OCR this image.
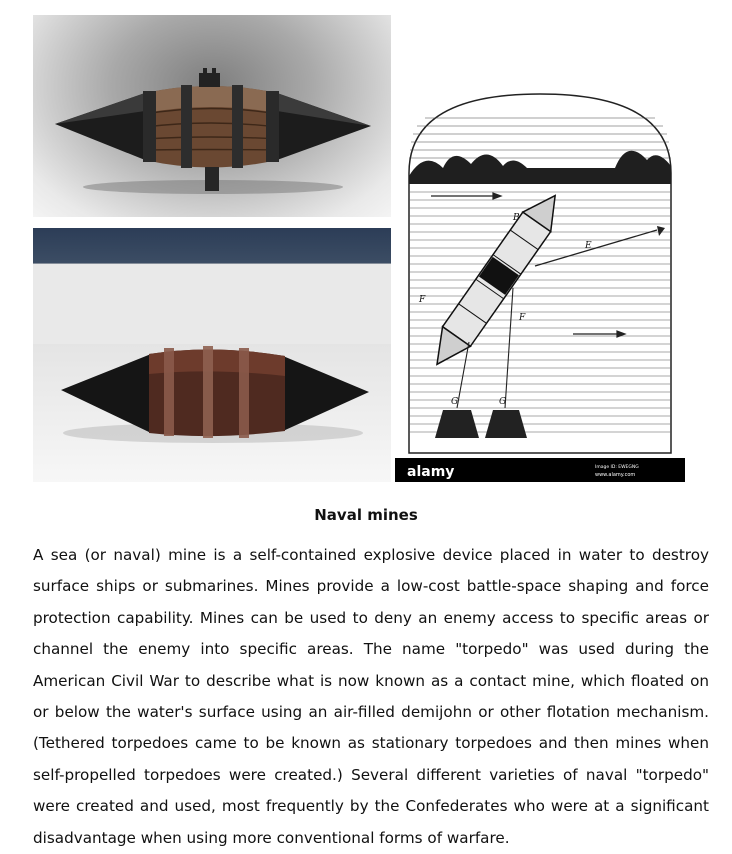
B
E
F
F
G	G
alamy	Image ID: EWEGNG
www.alamy.com
Naval mines

A sea (or naval) mine is a self-contained explosive device placed in water to destroy surface ships or submarines. Mines provide a low-cost battle-space shaping and force protection capability. Mines can be used to deny an enemy access to specific areas or channel the enemy into specific areas. The name "torpedo" was used during the American Civil War to describe what is now known as a contact mine, which floated on or below the water's surface using an air-filled demijohn or other flotation mechanism. (Tethered torpedoes came to be known as stationary torpedoes and then mines when self-propelled torpedoes were created.) Several different varieties of naval "torpedo" were created and used, most frequently by the Confederates who were at a significant disadvantage when using more conventional forms of warfare.
